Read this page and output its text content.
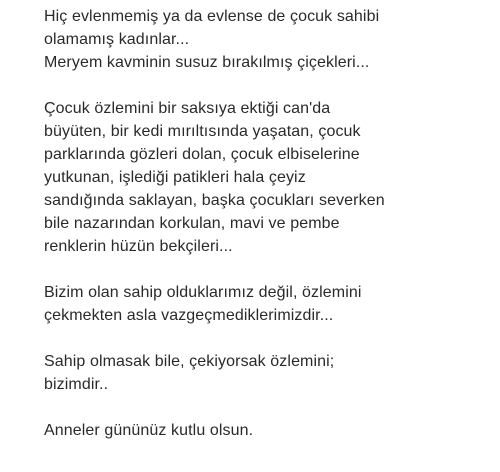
Hiç evlenmemiş ya da evlense de çocuk sahibi
olamamış kadınlar...
Meryem kavminin susuz bırakılmış çiçekleri...

Çocuk özlemini bir saksıya ektiği can'da
büyüten, bir kedi mırıltısında yaşatan, çocuk
parklarında gözleri dolan, çocuk elbiselerine
yutkunan, işlediği patikleri hala çeyiz
sandığında saklayan, başka çocukları severken
bile nazarından korkulan, mavi ve pembe
renklerin hüzün bekçileri...

Bizim olan sahip olduklarımız değil, özlemini
çekmekten asla vazgeçmediklerimizdir...

Sahip olmasak bile, çekiyorsak özlemini;
bizimdir..

Anneler gününüz kutlu olsun.
